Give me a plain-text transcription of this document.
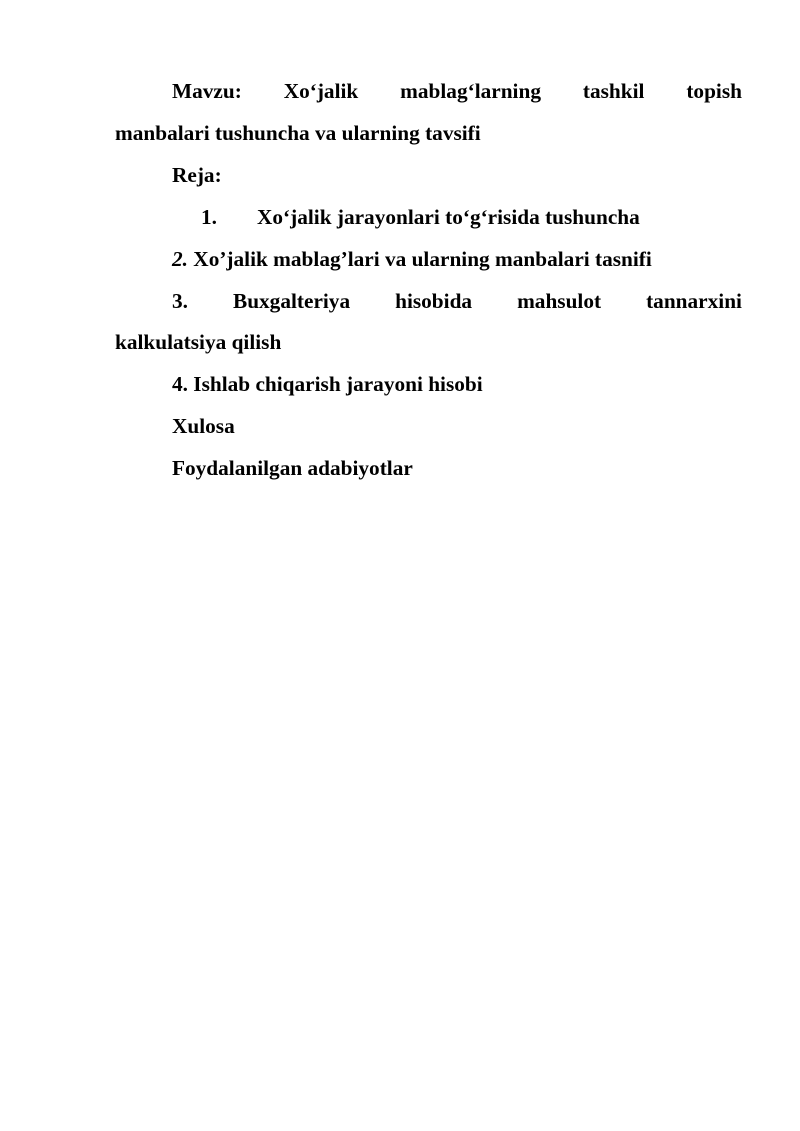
Mavzu: Xo‘jalik mablag‘larning tashkil topish
manbalari tushuncha va ularning tavsifi
Reja:
1. Xo‘jalik jarayonlari to‘g‘risida tushuncha
2. Xo’jalik mablag’lari va ularning manbalari tasnifi
3. Buxgalteriya hisobida mahsulot tannarxini
kalkulatsiya qilish
4. Ishlab chiqarish jarayoni hisobi
Xulosa
Foydalanilgan adabiyotlar
